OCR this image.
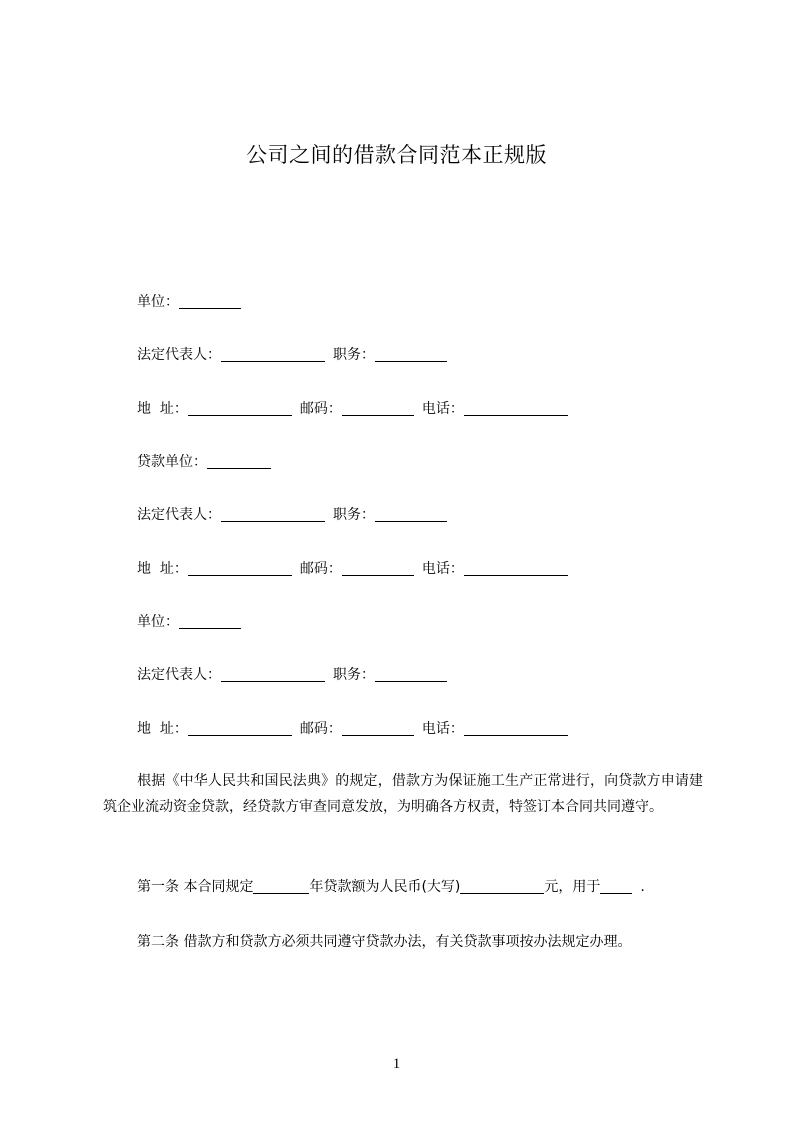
公司之间的借款合同范本正规版
单位：
法定代表人：	职务：
地  址：	邮码：	电话：
贷款单位：
法定代表人：	职务：
地  址：	邮码：	电话：
单位：
法定代表人：	职务：
地  址：	邮码：	电话：
根据《中华人民共和国民法典》的规定，借款方为保证施工生产正常进行，向贷款方申请建筑企业流动资金贷款，经贷款方审查同意发放，为明确各方权责，特签订本合同共同遵守。
第一条 本合同规定	年贷款额为人民币(大写)	元，用于	.
第二条 借款方和贷款方必须共同遵守贷款办法，有关贷款事项按办法规定办理。
1
